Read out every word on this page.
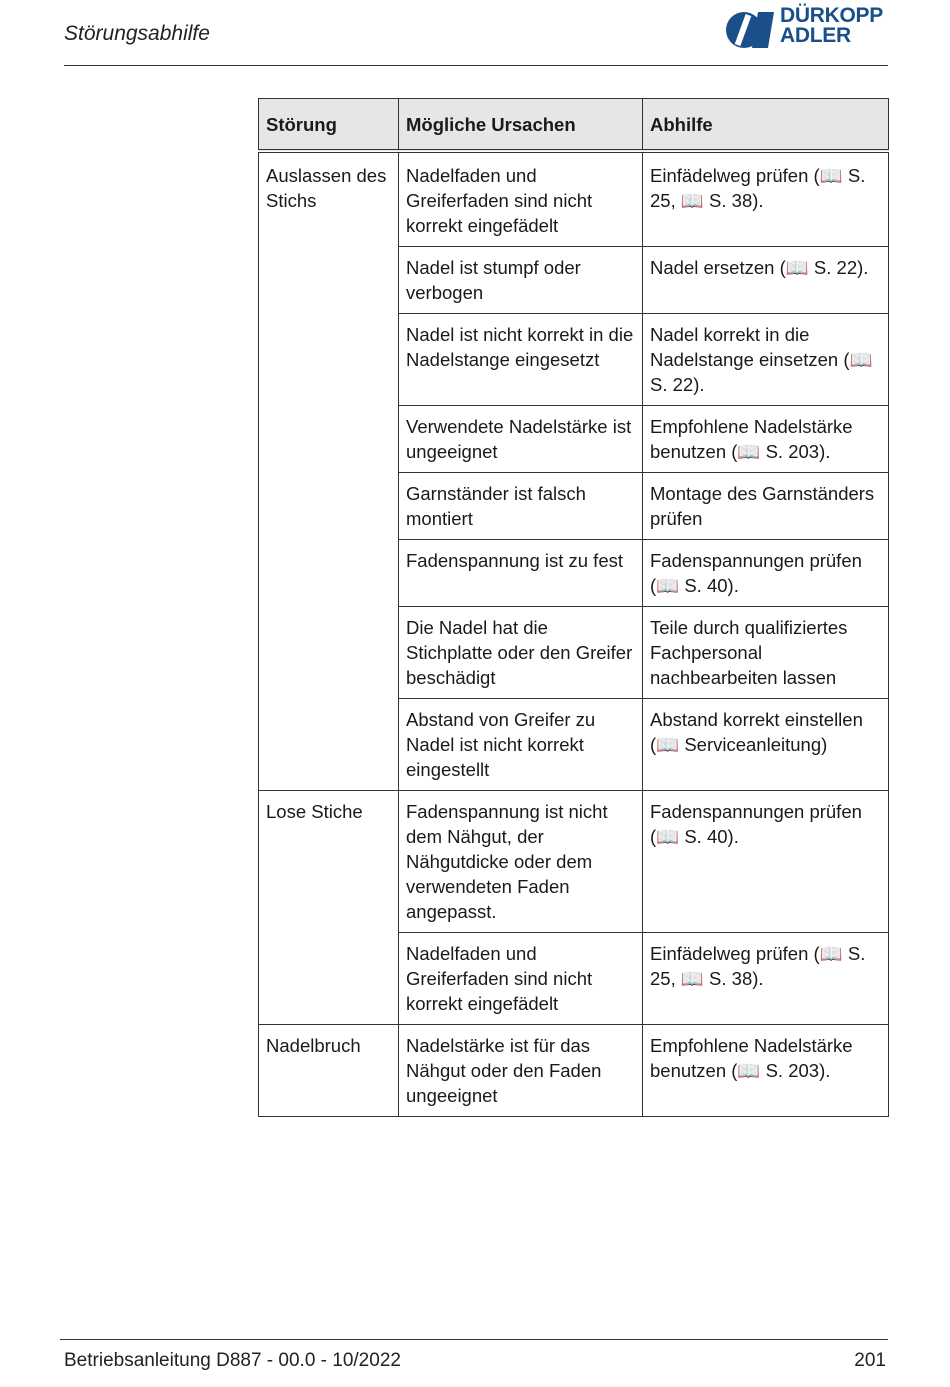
Störungsabhilfe
DÜRKOPP
ADLER
Störung	Mögliche Ursachen	Abhilfe
Auslassen des Stichs	Nadelfaden und Greiferfaden sind nicht korrekt eingefädelt	Einfädelweg prüfen (📖 S. 25, 📖 S. 38).
	Nadel ist stumpf oder verbogen	Nadel ersetzen (📖 S. 22).
	Nadel ist nicht korrekt in die Nadelstange eingesetzt	Nadel korrekt in die Nadelstange einsetzen (📖 S. 22).
	Verwendete Nadelstärke ist ungeeignet	Empfohlene Nadelstärke benutzen (📖 S. 203).
	Garnständer ist falsch montiert	Montage des Garnständers prüfen
	Fadenspannung ist zu fest	Fadenspannungen prüfen (📖 S. 40).
	Die Nadel hat die Stichplatte oder den Greifer beschädigt	Teile durch qualifiziertes Fachpersonal nachbearbeiten lassen
	Abstand von Greifer zu Nadel ist nicht korrekt eingestellt	Abstand korrekt einstellen (📖 Serviceanleitung)
Lose Stiche	Fadenspannung ist nicht dem Nähgut, der Nähgutdicke oder dem verwendeten Faden angepasst.	Fadenspannungen prüfen (📖 S. 40).
	Nadelfaden und Greiferfaden sind nicht korrekt eingefädelt	Einfädelweg prüfen (📖 S. 25, 📖 S. 38).
Nadelbruch	Nadelstärke ist für das Nähgut oder den Faden ungeeignet	Empfohlene Nadelstärke benutzen (📖 S. 203).
Betriebsanleitung D887 - 00.0 - 10/2022	201
